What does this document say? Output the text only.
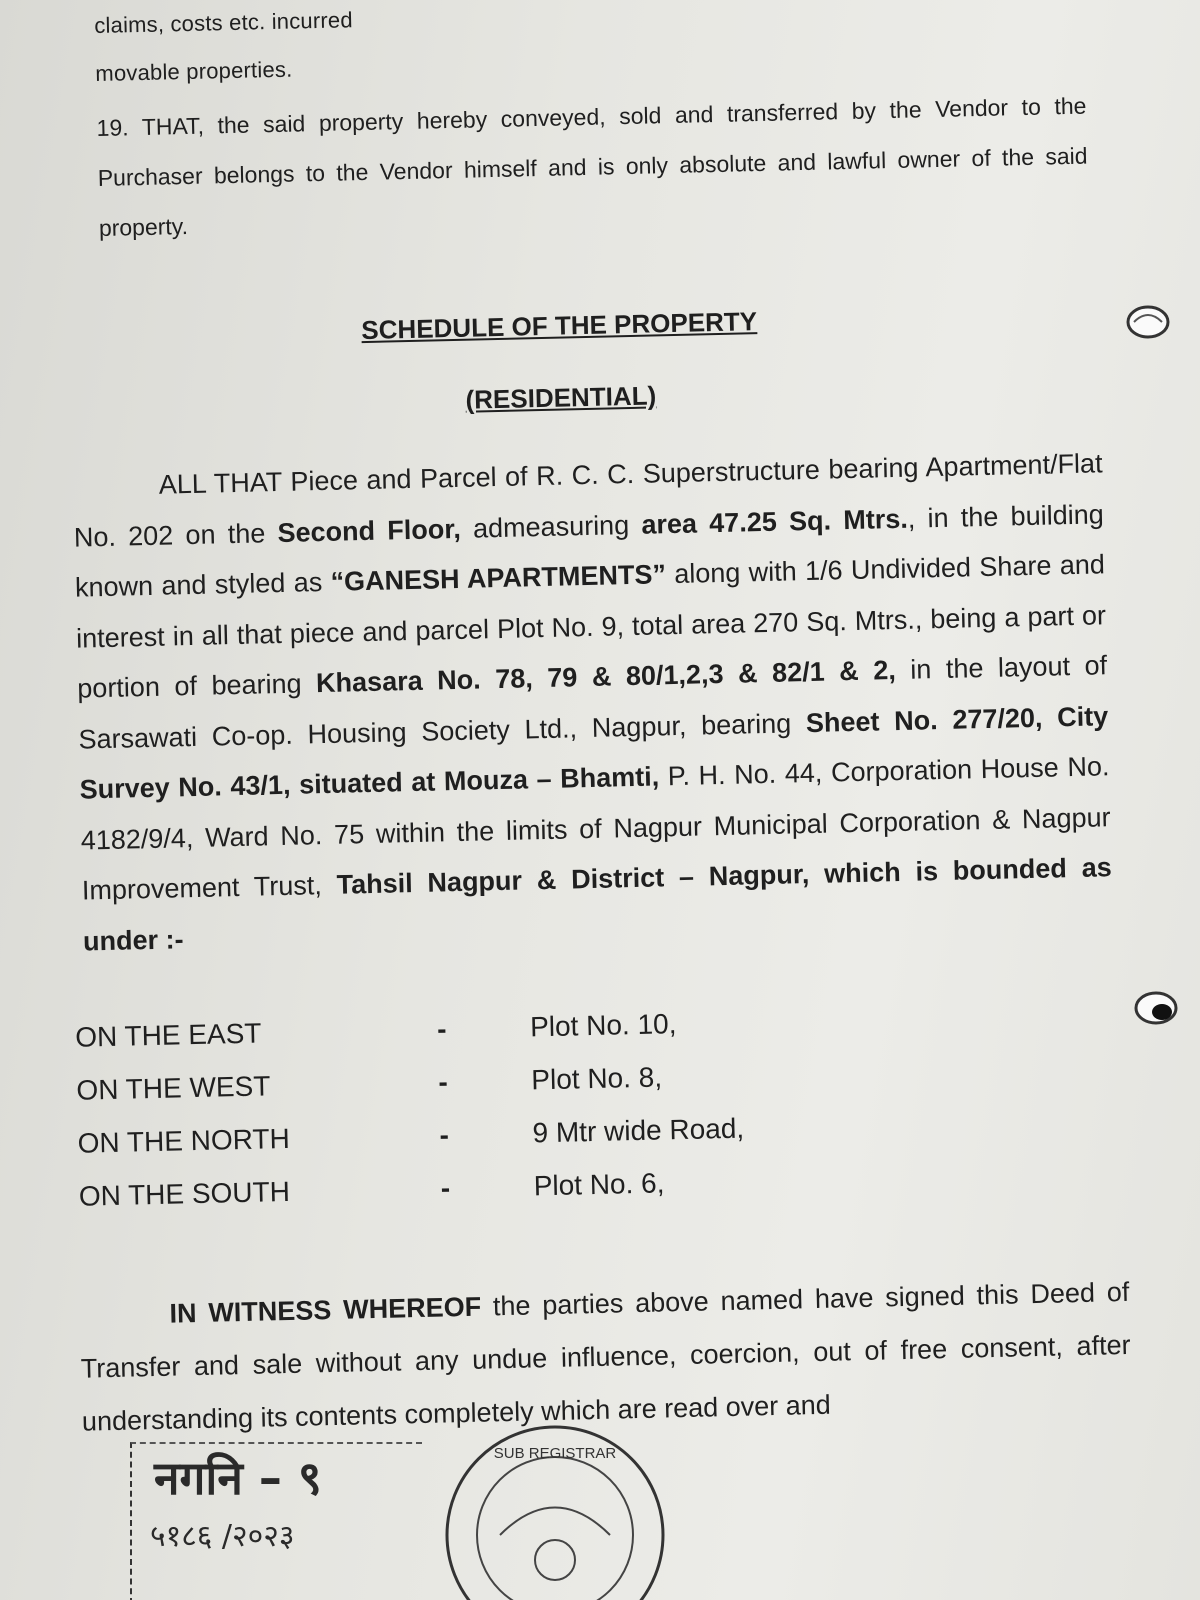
claims, costs etc. incurred
movable properties.
19. THAT, the said property hereby conveyed, sold and transferred by the Vendor to the Purchaser belongs to the Vendor himself and is only absolute and lawful owner of the said property.
SCHEDULE OF THE PROPERTY
(RESIDENTIAL)
ALL THAT Piece and Parcel of R. C. C. Superstructure bearing Apartment/Flat No. 202 on the Second Floor, admeasuring area 47.25 Sq. Mtrs., in the building known and styled as “GANESH APARTMENTS” along with 1/6 Undivided Share and interest in all that piece and parcel Plot No. 9, total area 270 Sq. Mtrs., being a part or portion of bearing Khasara No. 78, 79 & 80/1,2,3 & 82/1 & 2, in the layout of Sarsawati Co-op. Housing Society Ltd., Nagpur, bearing Sheet No. 277/20, City Survey No. 43/1, situated at Mouza – Bhamti, P. H. No. 44, Corporation House No. 4182/9/4, Ward No. 75 within the limits of Nagpur Municipal Corporation & Nagpur Improvement Trust, Tahsil Nagpur & District – Nagpur, which is bounded as under :-
ON THE EAST	-	Plot No. 10,
ON THE WEST	-	Plot No. 8,
ON THE NORTH	-	9 Mtr wide Road,
ON THE SOUTH	-	Plot No. 6,
IN WITNESS WHEREOF the parties above named have signed this Deed of Transfer and sale without any undue influence, coercion, out of free consent, after understanding its contents completely which are read over and
नगनि – ९
५१८६ /२०२३
SUB REGISTRAR
